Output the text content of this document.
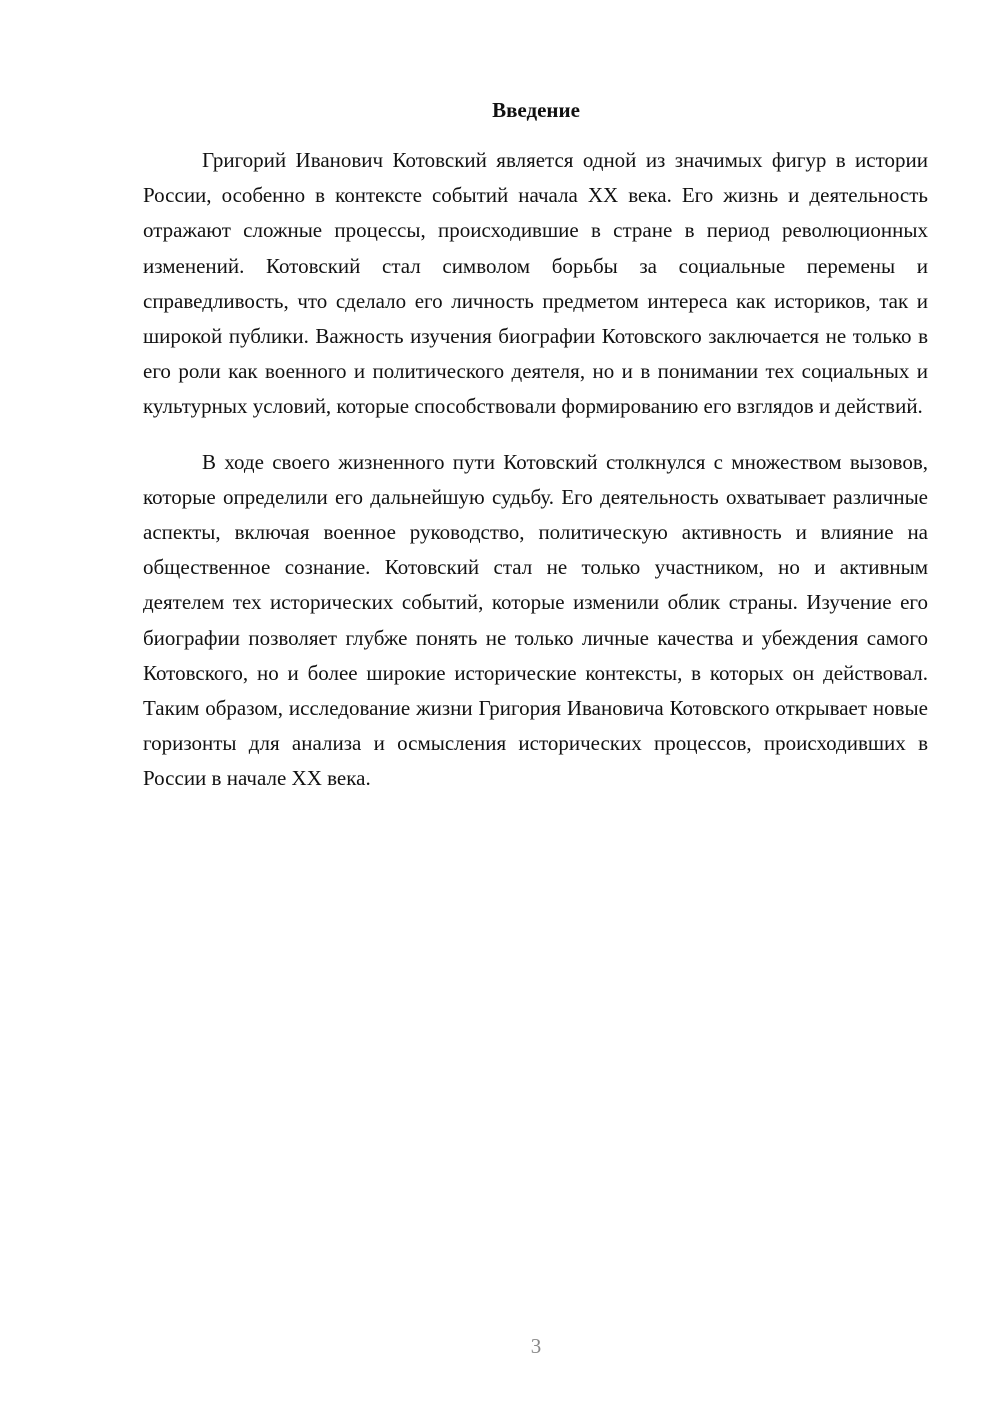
Введение

Григорий Иванович Котовский является одной из значимых фигур в истории России, особенно в контексте событий начала XX века. Его жизнь и деятельность отражают сложные процессы, происходившие в стране в период революционных изменений. Котовский стал символом борьбы за социальные перемены и справедливость, что сделало его личность предметом интереса как историков, так и широкой публики. Важность изучения биографии Котовского заключается не только в его роли как военного и политического деятеля, но и в понимании тех социальных и культурных условий, которые способствовали формированию его взглядов и действий.

В ходе своего жизненного пути Котовский столкнулся с множеством вызовов, которые определили его дальнейшую судьбу. Его деятельность охватывает различные аспекты, включая военное руководство, политическую активность и влияние на общественное сознание. Котовский стал не только участником, но и активным деятелем тех исторических событий, которые изменили облик страны. Изучение его биографии позволяет глубже понять не только личные качества и убеждения самого Котовского, но и более широкие исторические контексты, в которых он действовал. Таким образом, исследование жизни Григория Ивановича Котовского открывает новые горизонты для анализа и осмысления исторических процессов, происходивших в России в начале XX века.

3
